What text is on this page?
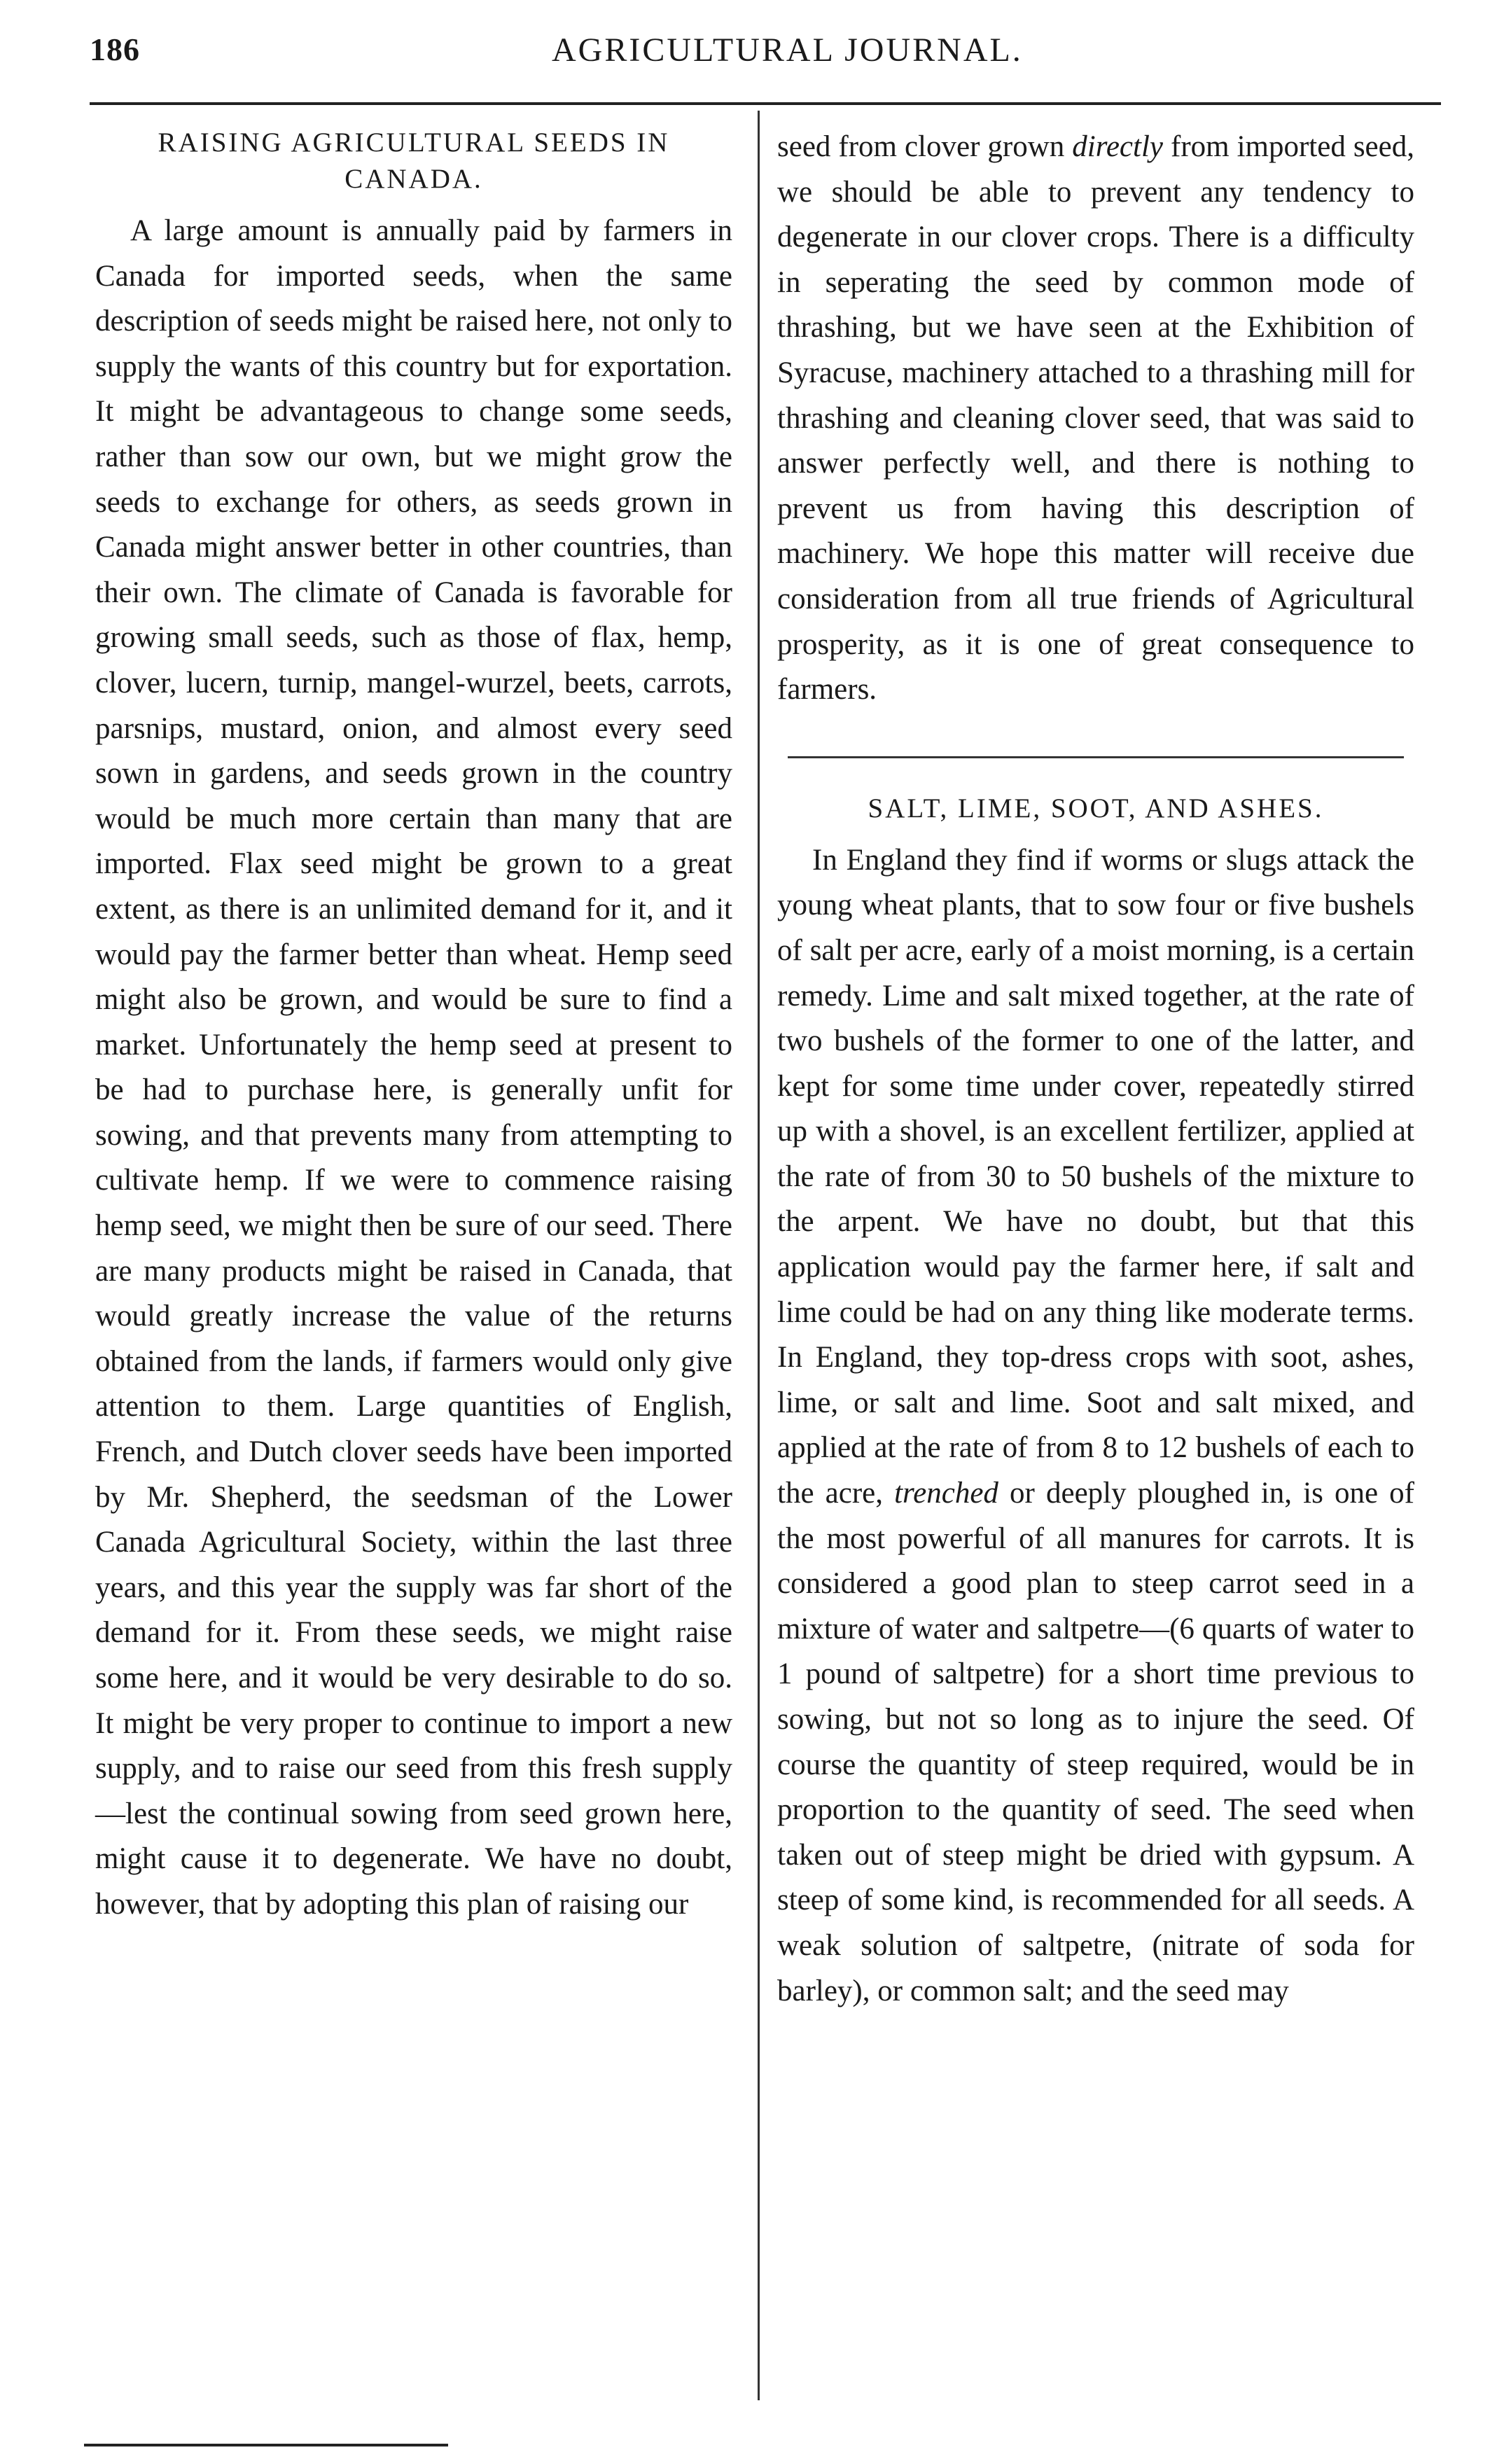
186	AGRICULTURAL JOURNAL.
RAISING AGRICULTURAL SEEDS IN CANADA.

A large amount is annually paid by farmers in Canada for imported seeds, when the same description of seeds might be raised here, not only to supply the wants of this country but for exportation. It might be advantageous to change some seeds, rather than sow our own, but we might grow the seeds to exchange for others, as seeds grown in Canada might answer better in other countries, than their own. The climate of Canada is favorable for growing small seeds, such as those of flax, hemp, clover, lucern, turnip, mangel-wurzel, beets, carrots, parsnips, mustard, onion, and almost every seed sown in gardens, and seeds grown in the country would be much more certain than many that are imported. Flax seed might be grown to a great extent, as there is an unlimited demand for it, and it would pay the farmer better than wheat. Hemp seed might also be grown, and would be sure to find a market. Unfortunately the hemp seed at present to be had to purchase here, is generally unfit for sowing, and that prevents many from attempting to cultivate hemp. If we were to commence raising hemp seed, we might then be sure of our seed. There are many products might be raised in Canada, that would greatly increase the value of the returns obtained from the lands, if farmers would only give attention to them. Large quantities of English, French, and Dutch clover seeds have been imported by Mr. Shepherd, the seedsman of the Lower Canada Agricultural Society, within the last three years, and this year the supply was far short of the demand for it. From these seeds, we might raise some here, and it would be very desirable to do so. It might be very proper to continue to import a new supply, and to raise our seed from this fresh supply—lest the continual sowing from seed grown here, might cause it to degenerate. We have no doubt, however, that by adopting this plan of raising our

seed from clover grown directly from imported seed, we should be able to prevent any tendency to degenerate in our clover crops. There is a difficulty in seperating the seed by common mode of thrashing, but we have seen at the Exhibition of Syracuse, machinery attached to a thrashing mill for thrashing and cleaning clover seed, that was said to answer perfectly well, and there is nothing to prevent us from having this description of machinery. We hope this matter will receive due consideration from all true friends of Agricultural prosperity, as it is one of great consequence to farmers.

SALT, LIME, SOOT, AND ASHES.

In England they find if worms or slugs attack the young wheat plants, that to sow four or five bushels of salt per acre, early of a moist morning, is a certain remedy. Lime and salt mixed together, at the rate of two bushels of the former to one of the latter, and kept for some time under cover, repeatedly stirred up with a shovel, is an excellent fertilizer, applied at the rate of from 30 to 50 bushels of the mixture to the arpent. We have no doubt, but that this application would pay the farmer here, if salt and lime could be had on any thing like moderate terms. In England, they top-dress crops with soot, ashes, lime, or salt and lime. Soot and salt mixed, and applied at the rate of from 8 to 12 bushels of each to the acre, trenched or deeply ploughed in, is one of the most powerful of all manures for carrots. It is considered a good plan to steep carrot seed in a mixture of water and saltpetre—(6 quarts of water to 1 pound of saltpetre) for a short time previous to sowing, but not so long as to injure the seed. Of course the quantity of steep required, would be in proportion to the quantity of seed. The seed when taken out of steep might be dried with gypsum. A steep of some kind, is recommended for all seeds. A weak solution of saltpetre, (nitrate of soda for barley), or common salt; and the seed may
